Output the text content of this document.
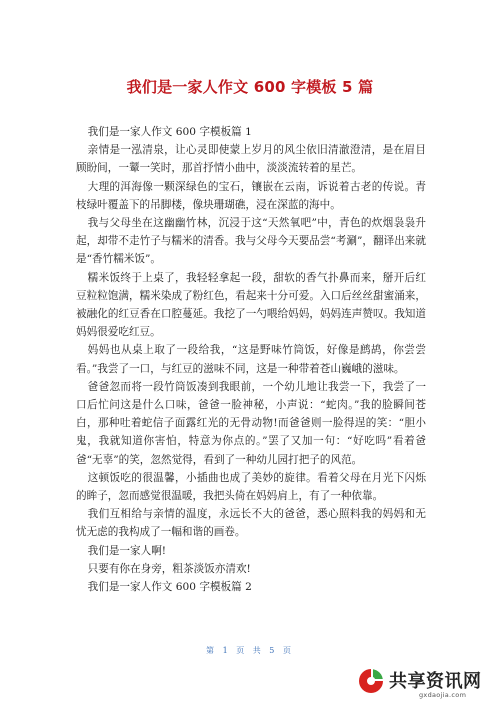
我们是一家人作文 600 字模板 5 篇

我们是一家人作文 600 字模板篇 1

亲情是一泓清泉，让心灵即使蒙上岁月的风尘依旧清澈澄清，是在眉目顾盼间，一颦一笑时，那首抒情小曲中，淡淡流转着的星芒。

大理的洱海像一颗深绿色的宝石，镶嵌在云南，诉说着古老的传说。青枝绿叶覆盖下的吊脚楼，像块珊瑚礁，浸在深蓝的海中。

我与父母坐在这幽幽竹林，沉浸于这“天然氧吧”中，青色的炊烟袅袅升起，却带不走竹子与糯米的清香。我与父母今天要品尝“考涮”，翻译出来就是“香竹糯米饭”。

糯米饭终于上桌了，我轻轻拿起一段，甜软的香气扑鼻而来，掰开后红豆粒粒饱满，糯米染成了粉红色，看起来十分可爱。入口后丝丝甜蜜涌来，被融化的红豆香在口腔蔓延。我挖了一勺喂给妈妈，妈妈连声赞叹。我知道妈妈很爱吃红豆。

妈妈也从桌上取了一段给我，“这是野味竹筒饭，好像是鹧鸪，你尝尝看。”我尝了一口，与红豆的滋味不同，这是一种带着苍山巍峨的滋味。

爸爸忽而将一段竹筒饭凑到我眼前，一个幼儿地让我尝一下，我尝了一口后忙问这是什么口味，爸爸一脸神秘，小声说：“蛇肉。”我的脸瞬间苍白，那种吐着蛇信子面露红光的无骨动物!而爸爸则一脸得逞的笑：“胆小鬼，我就知道你害怕，特意为你点的。”罢了又加一句：“好吃吗”看着爸爸“无辜”的笑，忽然觉得，看到了一种幼儿园打把子的风范。

这顿饭吃的很温馨，小插曲也成了美妙的旋律。看着父母在月光下闪烁的眸子，忽而感觉很温暖，我把头倚在妈妈肩上，有了一种依靠。

我们互相给与亲情的温度，永远长不大的爸爸，悉心照料我的妈妈和无忧无虑的我构成了一幅和谐的画卷。

我们是一家人啊!

只要有你在身旁，粗茶淡饭亦清欢!

我们是一家人作文 600 字模板篇 2

第 1 页 共 5 页
共享资讯网
gxdaojia.com
